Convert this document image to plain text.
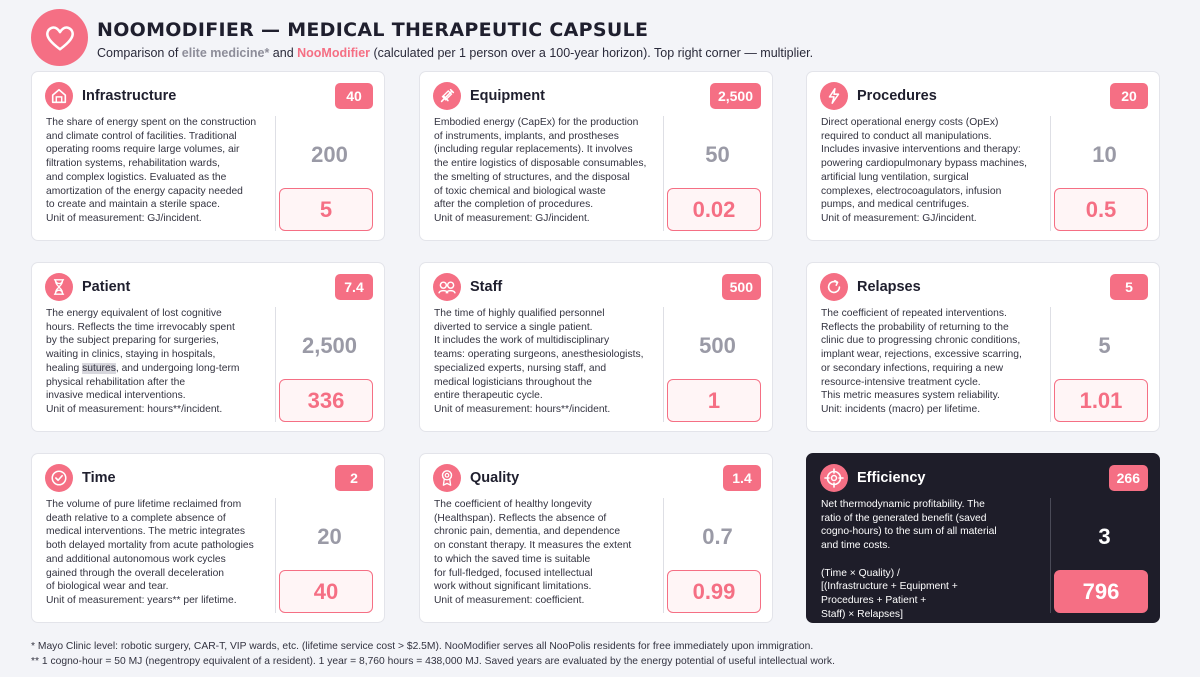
NOOMODIFIER — MEDICAL THERAPEUTIC CAPSULE
Comparison of elite medicine* and NooModifier (calculated per 1 person over a 100-year horizon). Top right corner — multiplier.
Infrastructure	40
The share of energy spent on the construction
and climate control of facilities. Traditional
operating rooms require large volumes, air
filtration systems, rehabilitation wards,
and complex logistics. Evaluated as the
amortization of the energy capacity needed
to create and maintain a sterile space.
Unit of measurement: GJ/incident.
200
5
Equipment	2,500
Embodied energy (CapEx) for the production
of instruments, implants, and prostheses
(including regular replacements). It involves
the entire logistics of disposable consumables,
the smelting of structures, and the disposal
of toxic chemical and biological waste
after the completion of procedures.
Unit of measurement: GJ/incident.
50
0.02
Procedures	20
Direct operational energy costs (OpEx)
required to conduct all manipulations.
Includes invasive interventions and therapy:
powering cardiopulmonary bypass machines,
artificial lung ventilation, surgical
complexes, electrocoagulators, infusion
pumps, and medical centrifuges.
Unit of measurement: GJ/incident.
10
0.5
Patient	7.4
The energy equivalent of lost cognitive
hours. Reflects the time irrevocably spent
by the subject preparing for surgeries,
waiting in clinics, staying in hospitals,
healing sutures, and undergoing long-term
physical rehabilitation after the
invasive medical interventions.
Unit of measurement: hours**/incident.
2,500
336
Staff	500
The time of highly qualified personnel
diverted to service a single patient.
It includes the work of multidisciplinary
teams: operating surgeons, anesthesiologists,
specialized experts, nursing staff, and
medical logisticians throughout the
entire therapeutic cycle.
Unit of measurement: hours**/incident.
500
1
Relapses	5
The coefficient of repeated interventions.
Reflects the probability of returning to the
clinic due to progressing chronic conditions,
implant wear, rejections, excessive scarring,
or secondary infections, requiring a new
resource-intensive treatment cycle.
This metric measures system reliability.
Unit: incidents (macro) per lifetime.
5
1.01
Time	2
The volume of pure lifetime reclaimed from
death relative to a complete absence of
medical interventions. The metric integrates
both delayed mortality from acute pathologies
and additional autonomous work cycles
gained through the overall deceleration
of biological wear and tear.
Unit of measurement: years** per lifetime.
20
40
Quality	1.4
The coefficient of healthy longevity
(Healthspan). Reflects the absence of
chronic pain, dementia, and dependence
on constant therapy. It measures the extent
to which the saved time is suitable
for full-fledged, focused intellectual
work without significant limitations.
Unit of measurement: coefficient.
0.7
0.99
Efficiency	266
Net thermodynamic profitability. The
ratio of the generated benefit (saved
cogno-hours) to the sum of all material
and time costs.

(Time × Quality) /
[(Infrastructure + Equipment +
Procedures + Patient +
Staff) × Relapses]
3
796
* Mayo Clinic level: robotic surgery, CAR-T, VIP wards, etc. (lifetime service cost > $2.5M). NooModifier serves all NooPolis residents for free immediately upon immigration.
** 1 cogno-hour = 50 MJ (negentropy equivalent of a resident). 1 year = 8,760 hours = 438,000 MJ. Saved years are evaluated by the energy potential of useful intellectual work.
